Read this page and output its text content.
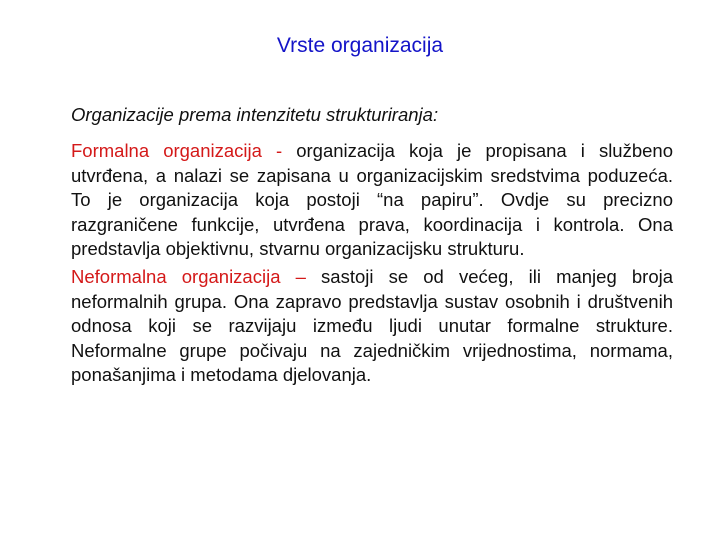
Vrste organizacija
Organizacije prema intenzitetu strukturiranja:

Formalna organizacija - organizacija koja je propisana i službeno utvrđena, a nalazi se zapisana u organizacijskim sredstvima poduzeća. To je organizacija koja postoji “na papiru”. Ovdje su precizno razgraničene funkcije, utvrđena prava, koordinacija i kontrola. Ona predstavlja objektivnu, stvarnu organizacijsku strukturu.

Neformalna organizacija – sastoji se od većeg, ili manjeg broja neformalnih grupa. Ona zapravo predstavlja sustav osobnih i društvenih odnosa koji se razvijaju između ljudi unutar formalne strukture. Neformalne grupe počivaju na zajedničkim vrijednostima, normama, ponašanjima i metodama djelovanja.
